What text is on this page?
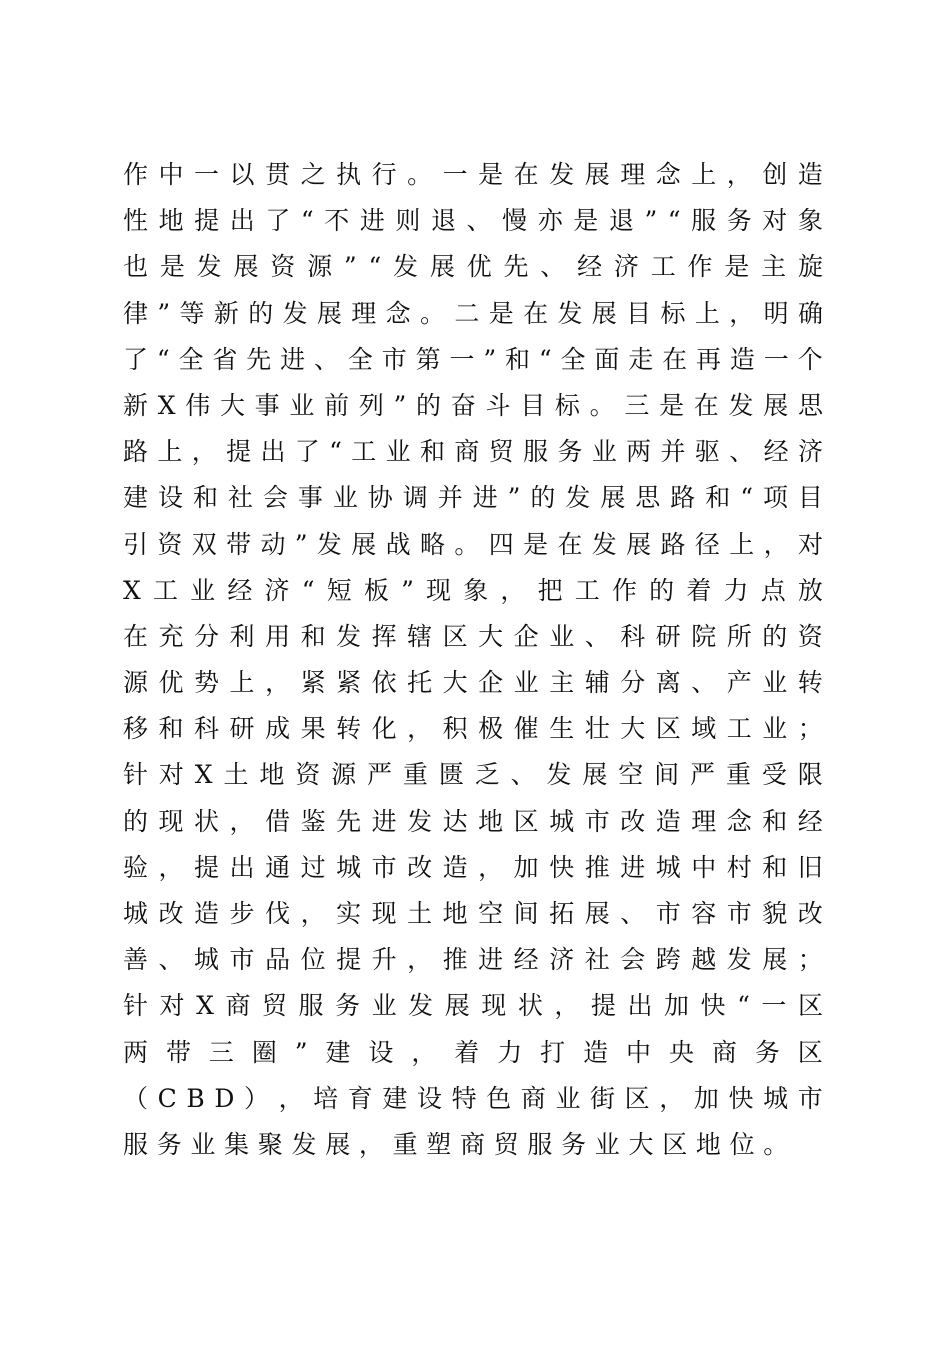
作 中 一 以 贯 之 执 行 。 一 是 在 发 展 理 念 上 ， 创 造
性 地 提 出 了 “ 不 进 则 退 、 慢 亦 是 退 ” “ 服 务 对 象
也 是 发 展 资 源 ” “ 发 展 优 先 、 经 济 工 作 是 主 旋
律 ” 等 新 的 发 展 理 念 。 二 是 在 发 展 目 标 上 ， 明 确
了 “ 全 省 先 进 、 全 市 第 一 ” 和 “ 全 面 走 在 再 造 一 个
新 X 伟 大 事 业 前 列 ” 的 奋 斗 目 标 。 三 是 在 发 展 思
路 上 ， 提 出 了 “ 工 业 和 商 贸 服 务 业 两 并 驱 、 经 济
建 设 和 社 会 事 业 协 调 并 进 ” 的 发 展 思 路 和 “ 项 目
引 资 双 带 动 ” 发 展 战 略 。 四 是 在 发 展 路 径 上 ， 对
X 工 业 经 济 “ 短 板 ” 现 象 ， 把 工 作 的 着 力 点 放
在 充 分 利 用 和 发 挥 辖 区 大 企 业 、 科 研 院 所 的 资
源 优 势 上 ， 紧 紧 依 托 大 企 业 主 辅 分 离 、 产 业 转
移 和 科 研 成 果 转 化 ， 积 极 催 生 壮 大 区 域 工 业 ；
针 对 X 土 地 资 源 严 重 匮 乏 、 发 展 空 间 严 重 受 限
的 现 状 ， 借 鉴 先 进 发 达 地 区 城 市 改 造 理 念 和 经
验 ， 提 出 通 过 城 市 改 造 ， 加 快 推 进 城 中 村 和 旧
城 改 造 步 伐 ， 实 现 土 地 空 间 拓 展 、 市 容 市 貌 改
善 、 城 市 品 位 提 升 ， 推 进 经 济 社 会 跨 越 发 展 ；
针 对 X 商 贸 服 务 业 发 展 现 状 ， 提 出 加 快 “ 一 区
两 带 三 圈 ” 建 设 ， 着 力 打 造 中 央 商 务 区
（ C B D ） ， 培 育 建 设 特 色 商 业 街 区 ， 加 快 城 市
服务业集聚发展，重塑商贸服务业大区地位。
